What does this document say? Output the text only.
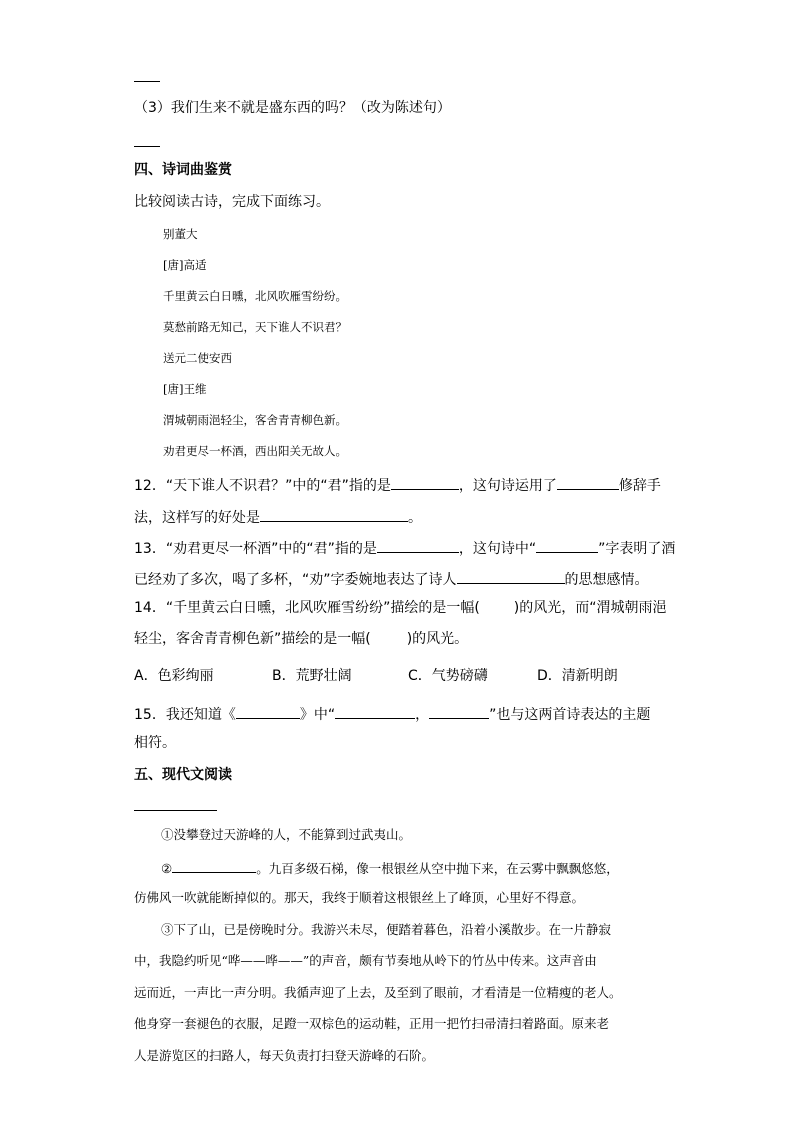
（3）我们生来不就是盛东西的吗？（改为陈述句）
四、诗词曲鉴赏
比较阅读古诗，完成下面练习。
别董大
[唐]高适
千里黄云白日曛，北风吹雁雪纷纷。
莫愁前路无知己，天下谁人不识君？
送元二使安西
[唐]王维
渭城朝雨浥轻尘，客舍青青柳色新。
劝君更尽一杯酒，西出阳关无故人。
12．“天下谁人不识君？”中的“君”指的是	，这句诗运用了	修辞手
法，这样写的好处是	。
13．“劝君更尽一杯酒”中的“君”指的是	，这句诗中“	”字表明了酒
已经劝了多次，喝了多杯，“劝”字委婉地表达了诗人	的思想感情。
14．“千里黄云白日曛，北风吹雁雪纷纷”描绘的是一幅( )的风光，而“渭城朝雨浥
轻尘，客舍青青柳色新”描绘的是一幅(	)的风光。
A．色彩绚丽	B．荒野壮阔	C．气势磅礴	D．清新明朗
15．我还知道《	》中“	，	”也与这两首诗表达的主题
相符。
五、现代文阅读
①没攀登过天游峰的人，不能算到过武夷山。
②	。九百多级石梯，像一根银丝从空中抛下来，在云雾中飘飘悠悠，
仿佛风一吹就能断掉似的。那天，我终于顺着这根银丝上了峰顶，心里好不得意。
③下了山，已是傍晚时分。我游兴未尽，便踏着暮色，沿着小溪散步。在一片静寂
中，我隐约听见“哗——哗——”的声音，颇有节奏地从岭下的竹丛中传来。这声音由
远而近，一声比一声分明。我循声迎了上去，及至到了眼前，才看清是一位精瘦的老人。
他身穿一套褪色的衣服，足蹬一双棕色的运动鞋，正用一把竹扫帚清扫着路面。原来老
人是游览区的扫路人，每天负责打扫登天游峰的石阶。
